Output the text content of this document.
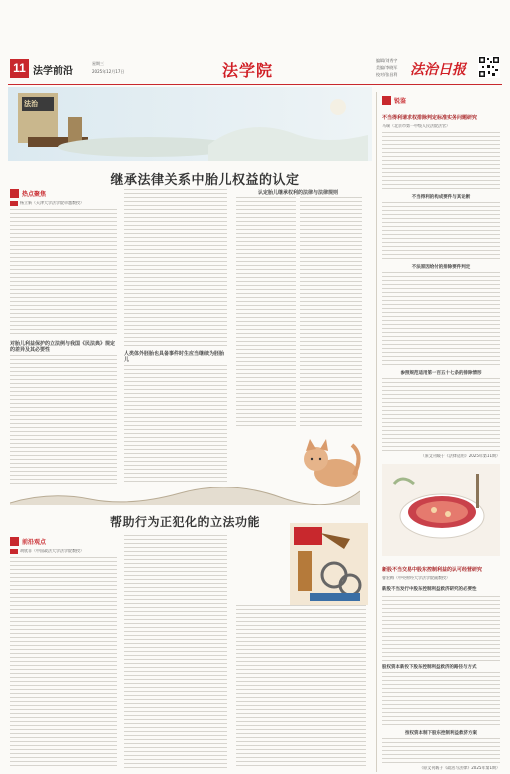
11 法学前沿
星期三
2025年12月17日	法学院
编辑/刘秀宇
美编/李晓军
校对/张昌利 法治日报
法治
继承法律关系中胎儿权益的认定
热点聚焦
杨立新（天津大学法学院卓越教授）
对胎儿利益保护的立法例与我国《民法典》规定的差异及其必要性
人类体外胚胎也具备事件时生应当继续为胚胎儿
认定胎儿继承权利的法律与法律规则
帮助行为正犯化的立法功能
前沿观点
胡欣菲（中国政法大学法学院教授）
锐鉴
不当得利请求权排除判定标准实务问题研究
马瑞（北京市第一中级人民法院法官）
不当得利的构成要件与其论断
不法原因给付的排除要件判定
参照规范适用第一百五十七条的排除情形
（原文刊载于《法律适用》2025年第11期）
新股不当交易中股东控制利益的认可经营研究
曹宏梅（中央财经大学法学院副教授）
新股不当发行中股东控制利益救济研究的必要性
股权资本新投下股东控制利益救济的路径与方式
按权资本制下股东控制利益救济方案
（原文刊载于《政治与法律》2025年第1期）
